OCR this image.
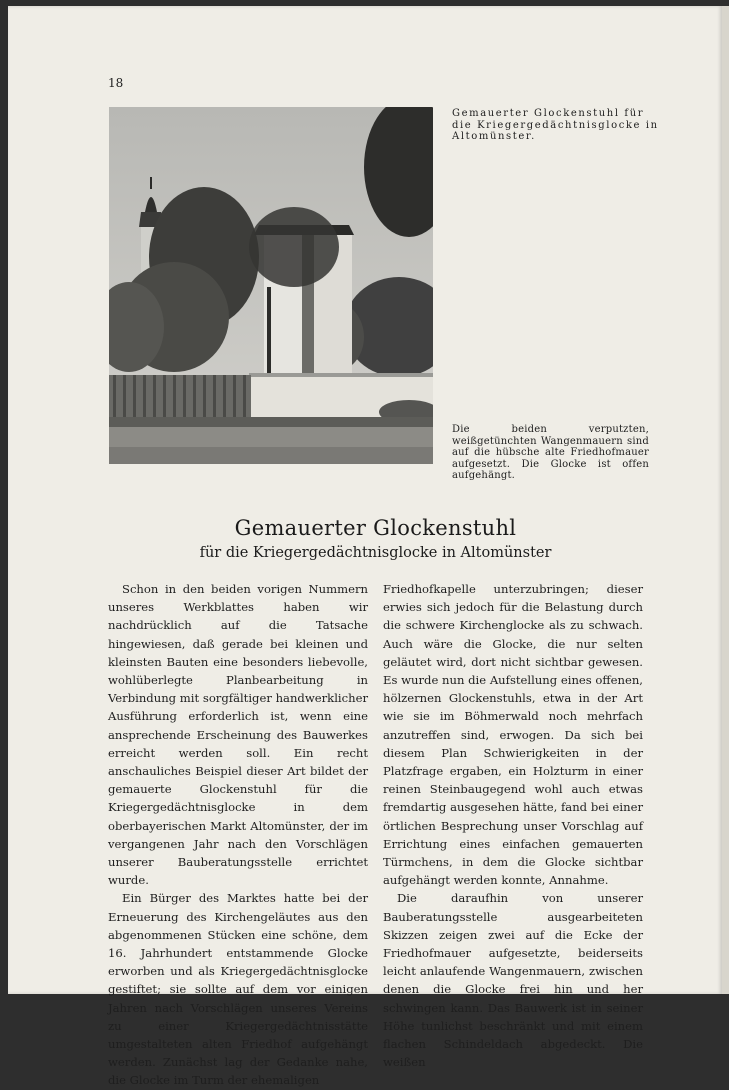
18
Gemauerter Glockenstuhl für die Kriegergedächtnisglocke in Altomünster.
Die beiden verputzten, weißgetünchten Wangenmauern sind auf die hübsche alte Friedhofmauer aufgesetzt. Die Glocke ist offen aufgehängt.
Gemauerter Glockenstuhl
für die Kriegergedächtnisglocke in Altomünster

Schon in den beiden vorigen Nummern unseres Werkblattes haben wir nachdrücklich auf die Tatsache hingewiesen, daß gerade bei kleinen und kleinsten Bauten eine besonders liebevolle, wohlüberlegte Planbearbeitung in Verbindung mit sorgfältiger handwerklicher Ausführung erforderlich ist, wenn eine ansprechende Erscheinung des Bauwerkes erreicht werden soll. Ein recht anschauliches Beispiel dieser Art bildet der gemauerte Glockenstuhl für die Kriegergedächtnisglocke in dem oberbayerischen Markt Altomünster, der im vergangenen Jahr nach den Vorschlägen unserer Bauberatungsstelle errichtet wurde.

Ein Bürger des Marktes hatte bei der Erneuerung des Kirchengeläutes aus den abgenommenen Stücken eine schöne, dem 16. Jahrhundert entstammende Glocke erworben und als Kriegergedächtnisglocke gestiftet; sie sollte auf dem vor einigen Jahren nach Vorschlägen unseres Vereins zu einer Kriegergedächtnisstätte umgestalteten alten Friedhof aufgehängt werden. Zunächst lag der Gedanke nahe, die Glocke im Turm der ehemaligen

Friedhofkapelle unterzubringen; dieser erwies sich jedoch für die Belastung durch die schwere Kirchenglocke als zu schwach. Auch wäre die Glocke, die nur selten geläutet wird, dort nicht sichtbar gewesen. Es wurde nun die Aufstellung eines offenen, hölzernen Glockenstuhls, etwa in der Art wie sie im Böhmerwald noch mehrfach anzutreffen sind, erwogen. Da sich bei diesem Plan Schwierigkeiten in der Platzfrage ergaben, ein Holzturm in einer reinen Steinbaugegend wohl auch etwas fremdartig ausgesehen hätte, fand bei einer örtlichen Besprechung unser Vorschlag auf Errichtung eines einfachen gemauerten Türmchens, in dem die Glocke sichtbar aufgehängt werden konnte, Annahme.

Die daraufhin von unserer Bauberatungsstelle ausgearbeiteten Skizzen zeigen zwei auf die Ecke der Friedhofmauer aufgesetzte, beiderseits leicht anlaufende Wangenmauern, zwischen denen die Glocke frei hin und her schwingen kann. Das Bauwerk ist in seiner Höhe tunlichst beschränkt und mit einem flachen Schindeldach abgedeckt. Die weißen
